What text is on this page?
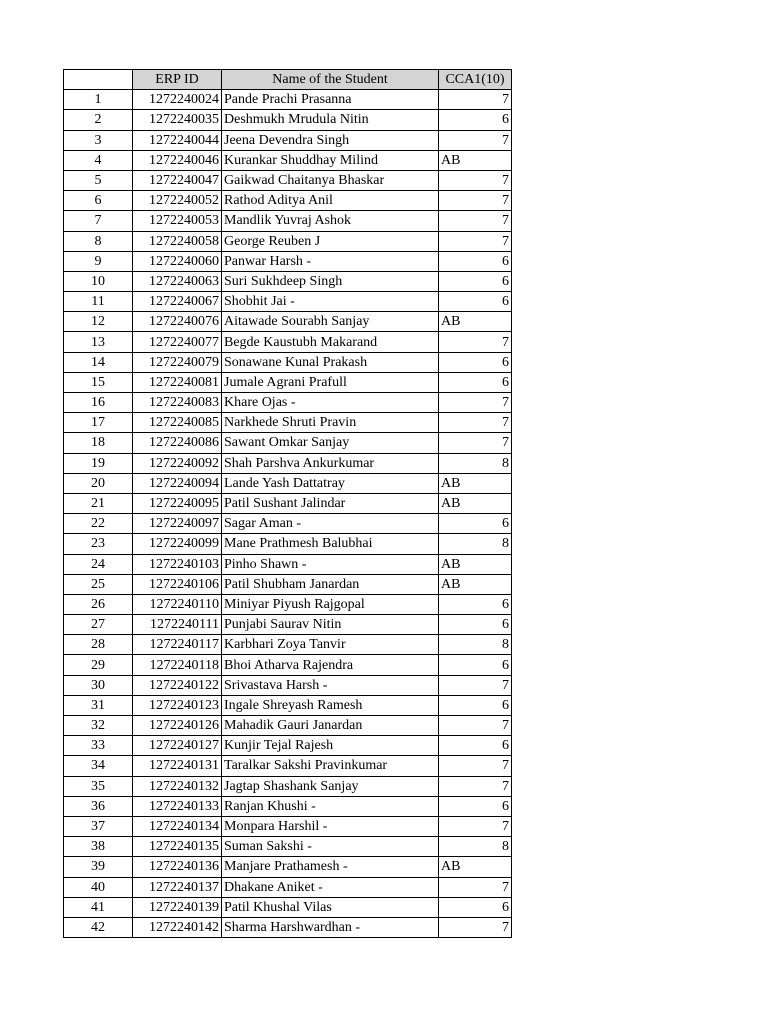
	ERP ID	Name of the Student	CCA1(10)
1	1272240024	Pande Prachi Prasanna	7
2	1272240035	Deshmukh Mrudula Nitin	6
3	1272240044	Jeena Devendra Singh	7
4	1272240046	Kurankar Shuddhay Milind	AB
5	1272240047	Gaikwad Chaitanya Bhaskar	7
6	1272240052	Rathod Aditya Anil	7
7	1272240053	Mandlik Yuvraj Ashok	7
8	1272240058	George Reuben J	7
9	1272240060	Panwar Harsh -	6
10	1272240063	Suri Sukhdeep Singh	6
11	1272240067	Shobhit Jai -	6
12	1272240076	Aitawade Sourabh Sanjay	AB
13	1272240077	Begde Kaustubh Makarand	7
14	1272240079	Sonawane Kunal Prakash	6
15	1272240081	Jumale Agrani Prafull	6
16	1272240083	Khare Ojas -	7
17	1272240085	Narkhede Shruti Pravin	7
18	1272240086	Sawant Omkar Sanjay	7
19	1272240092	Shah Parshva Ankurkumar	8
20	1272240094	Lande Yash Dattatray	AB
21	1272240095	Patil Sushant Jalindar	AB
22	1272240097	Sagar Aman -	6
23	1272240099	Mane Prathmesh Balubhai	8
24	1272240103	Pinho Shawn -	AB
25	1272240106	Patil Shubham Janardan	AB
26	1272240110	Miniyar Piyush Rajgopal	6
27	1272240111	Punjabi Saurav Nitin	6
28	1272240117	Karbhari Zoya Tanvir	8
29	1272240118	Bhoi Atharva Rajendra	6
30	1272240122	Srivastava Harsh -	7
31	1272240123	Ingale Shreyash Ramesh	6
32	1272240126	Mahadik Gauri Janardan	7
33	1272240127	Kunjir Tejal Rajesh	6
34	1272240131	Taralkar Sakshi Pravinkumar	7
35	1272240132	Jagtap Shashank Sanjay	7
36	1272240133	Ranjan Khushi -	6
37	1272240134	Monpara Harshil -	7
38	1272240135	Suman Sakshi -	8
39	1272240136	Manjare Prathamesh -	AB
40	1272240137	Dhakane Aniket -	7
41	1272240139	Patil Khushal Vilas	6
42	1272240142	Sharma Harshwardhan -	7
